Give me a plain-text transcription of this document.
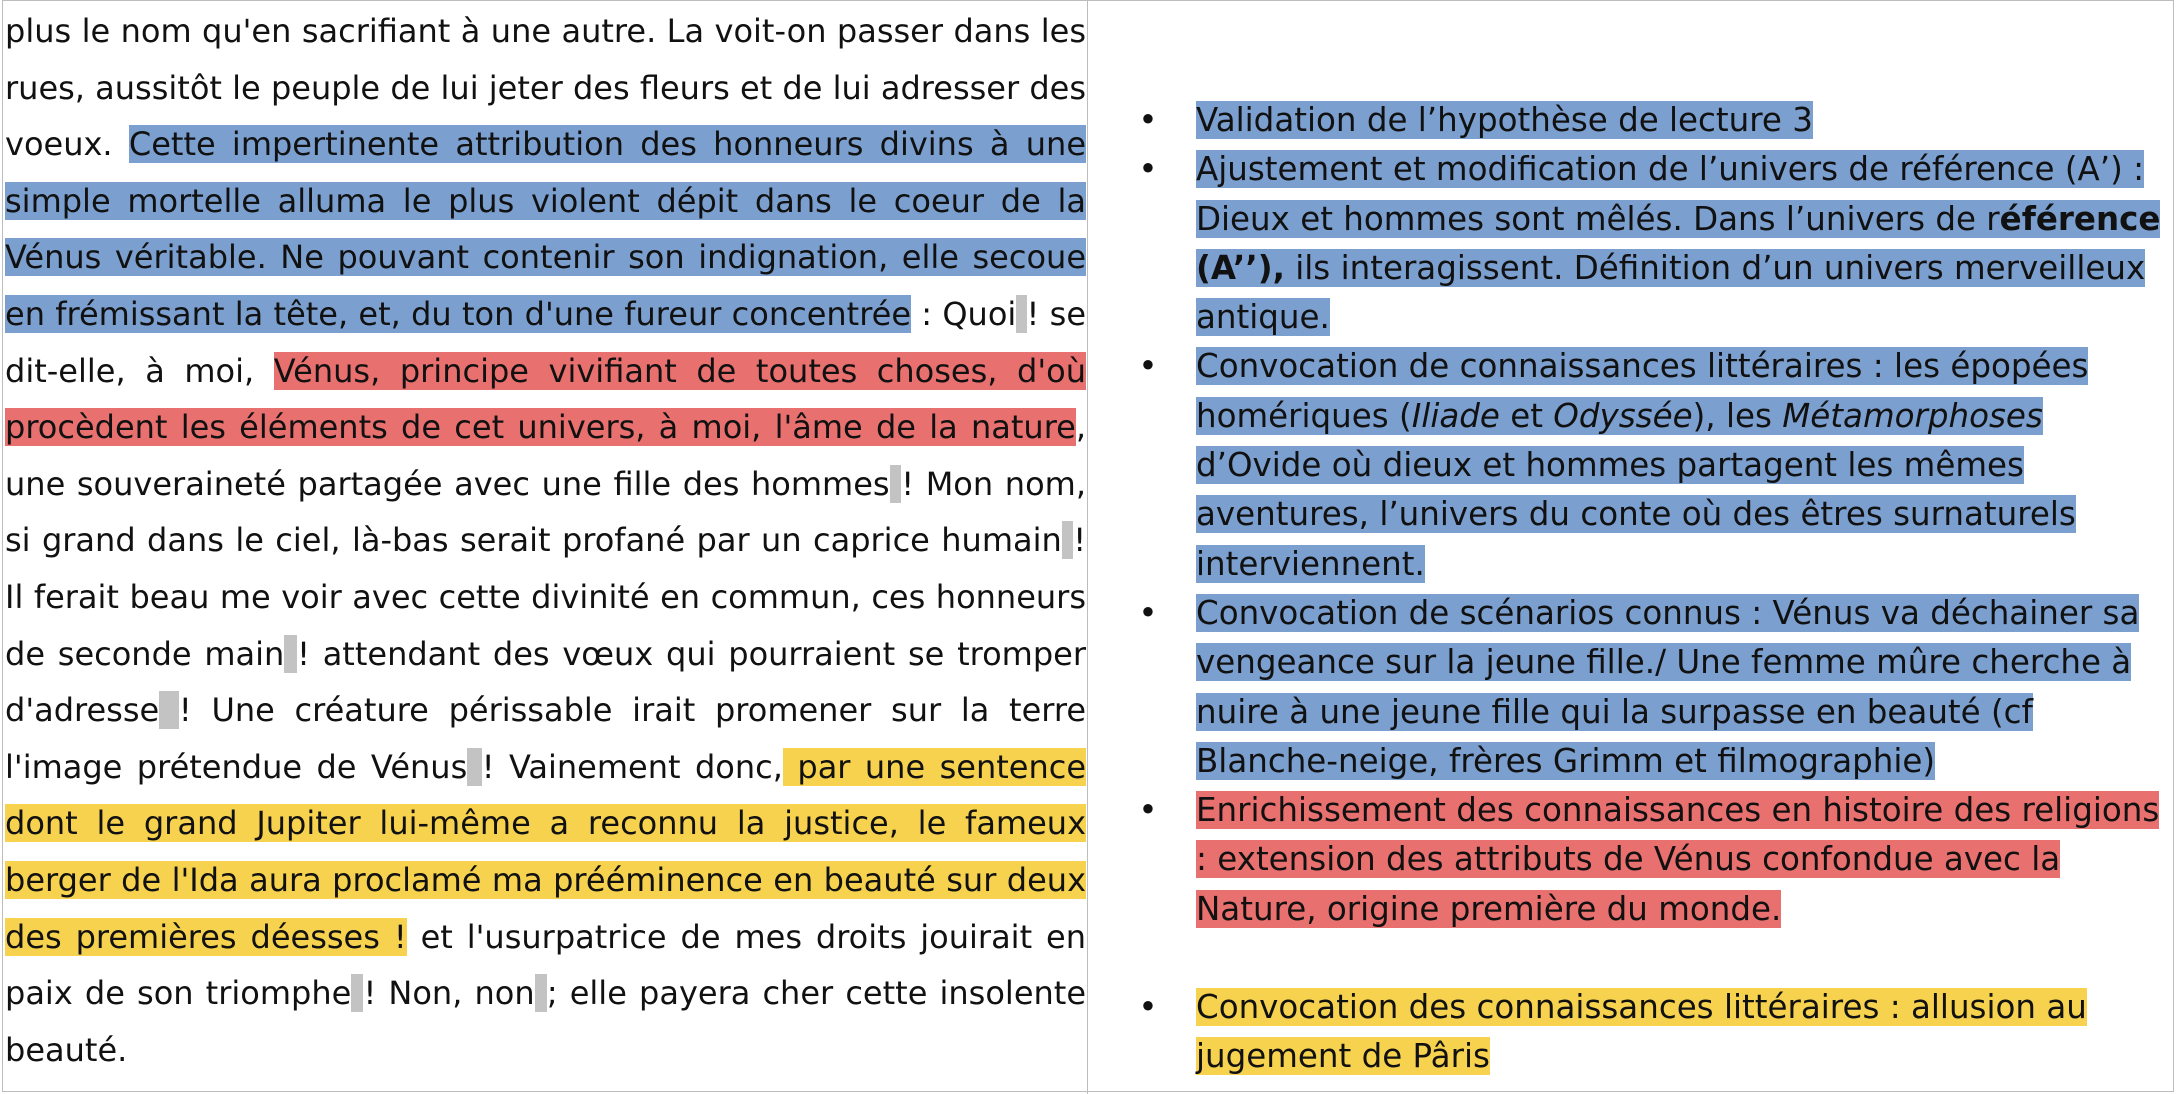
plus le nom qu'en sacrifiant à une autre. La voit-on passer dans les rues, aussitôt le peuple de lui jeter des fleurs et de lui adresser des voeux. Cette impertinente attribution des honneurs divins à une simple mortelle alluma le plus violent dépit dans le coeur de la Vénus véritable. Ne pouvant contenir son indignation, elle secoue en frémissant la tête, et, du ton d'une fureur concentrée : Quoi ! se dit-elle, à moi, Vénus, principe vivifiant de toutes choses, d'où procèdent les éléments de cet univers, à moi, l'âme de la nature, une souveraineté partagée avec une fille des hommes ! Mon nom, si grand dans le ciel, là-bas serait profané par un caprice humain ! Il ferait beau me voir avec cette divinité en commun, ces honneurs de seconde main ! attendant des vœux qui pourraient se tromper d'adresse ! Une créature périssable irait promener sur la terre l'image prétendue de Vénus ! Vainement donc, par une sentence dont le grand Jupiter lui-même a reconnu la justice, le fameux berger de l'Ida aura proclamé ma prééminence en beauté sur deux des premières déesses ! et l'usurpatrice de mes droits jouirait en paix de son triomphe ! Non, non ; elle payera cher cette insolente beauté.
• Validation de l’hypothèse de lecture 3
• Ajustement et modification de l’univers de référence (A’) : Dieux et hommes sont mêlés. Dans l’univers de référence (A’’), ils interagissent. Définition d’un univers merveilleux antique.
• Convocation de connaissances littéraires : les épopées homériques (Iliade et Odyssée), les Métamorphoses d’Ovide où dieux et hommes partagent les mêmes aventures, l’univers du conte où des êtres surnaturels interviennent.
• Convocation de scénarios connus : Vénus va déchainer sa vengeance sur la jeune fille./ Une femme mûre cherche à nuire à une jeune fille qui la surpasse en beauté (cf Blanche-neige, frères Grimm et filmographie)
• Enrichissement des connaissances en histoire des religions : extension des attributs de Vénus confondue avec la Nature, origine première du monde.
• Convocation des connaissances littéraires : allusion au jugement de Pâris
